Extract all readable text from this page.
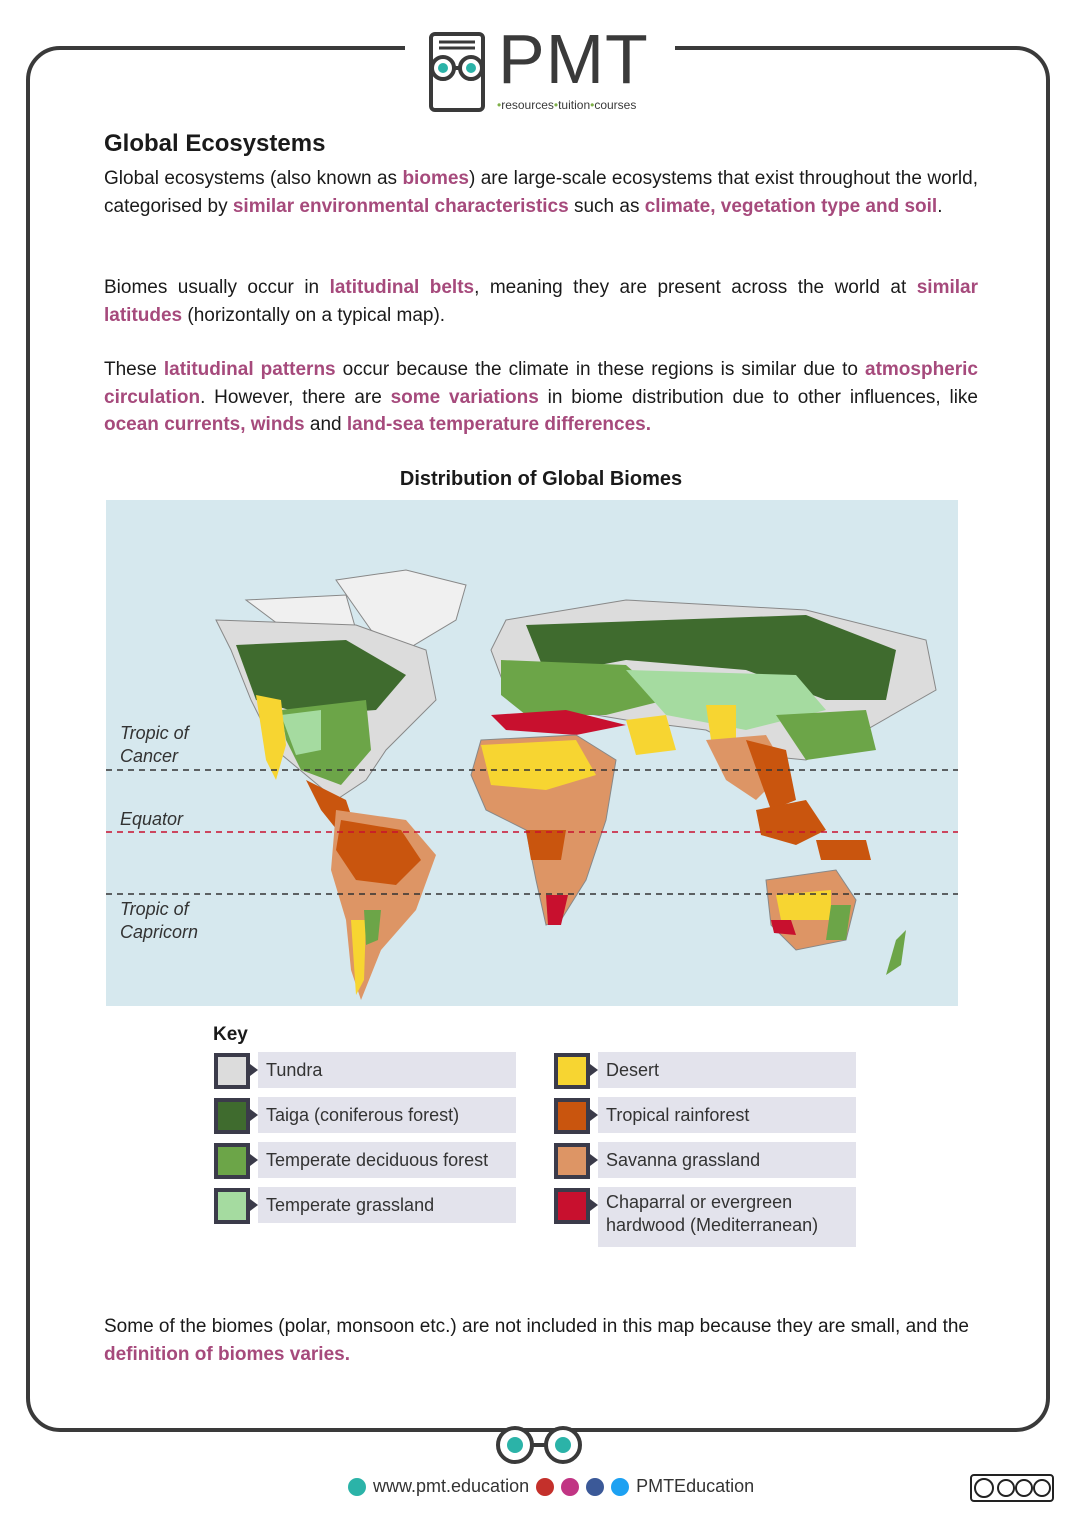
PMT
•resources•tuition•courses
Global Ecosystems

Global ecosystems (also known as biomes) are large-scale ecosystems that exist throughout the world, categorised by similar environmental characteristics such as climate, vegetation type and soil.

Biomes usually occur in latitudinal belts, meaning they are present across the world at similar latitudes (horizontally on a typical map).

These latitudinal patterns occur because the climate in these regions is similar due to atmospheric circulation. However, there are some variations in biome distribution due to other influences, like ocean currents, winds and land-sea temperature differences.

Distribution of Global Biomes
Tropic of
Cancer
Equator
Tropic of
Capricorn
Key
Tundra
Taiga (coniferous forest)
Temperate deciduous forest
Temperate grassland
Desert
Tropical rainforest
Savanna grassland
Chaparral or evergreen
hardwood (Mediterranean)

Some of the biomes (polar, monsoon etc.) are not included in this map because they are small, and the definition of biomes varies.

www.pmt.education	PMTEducation
